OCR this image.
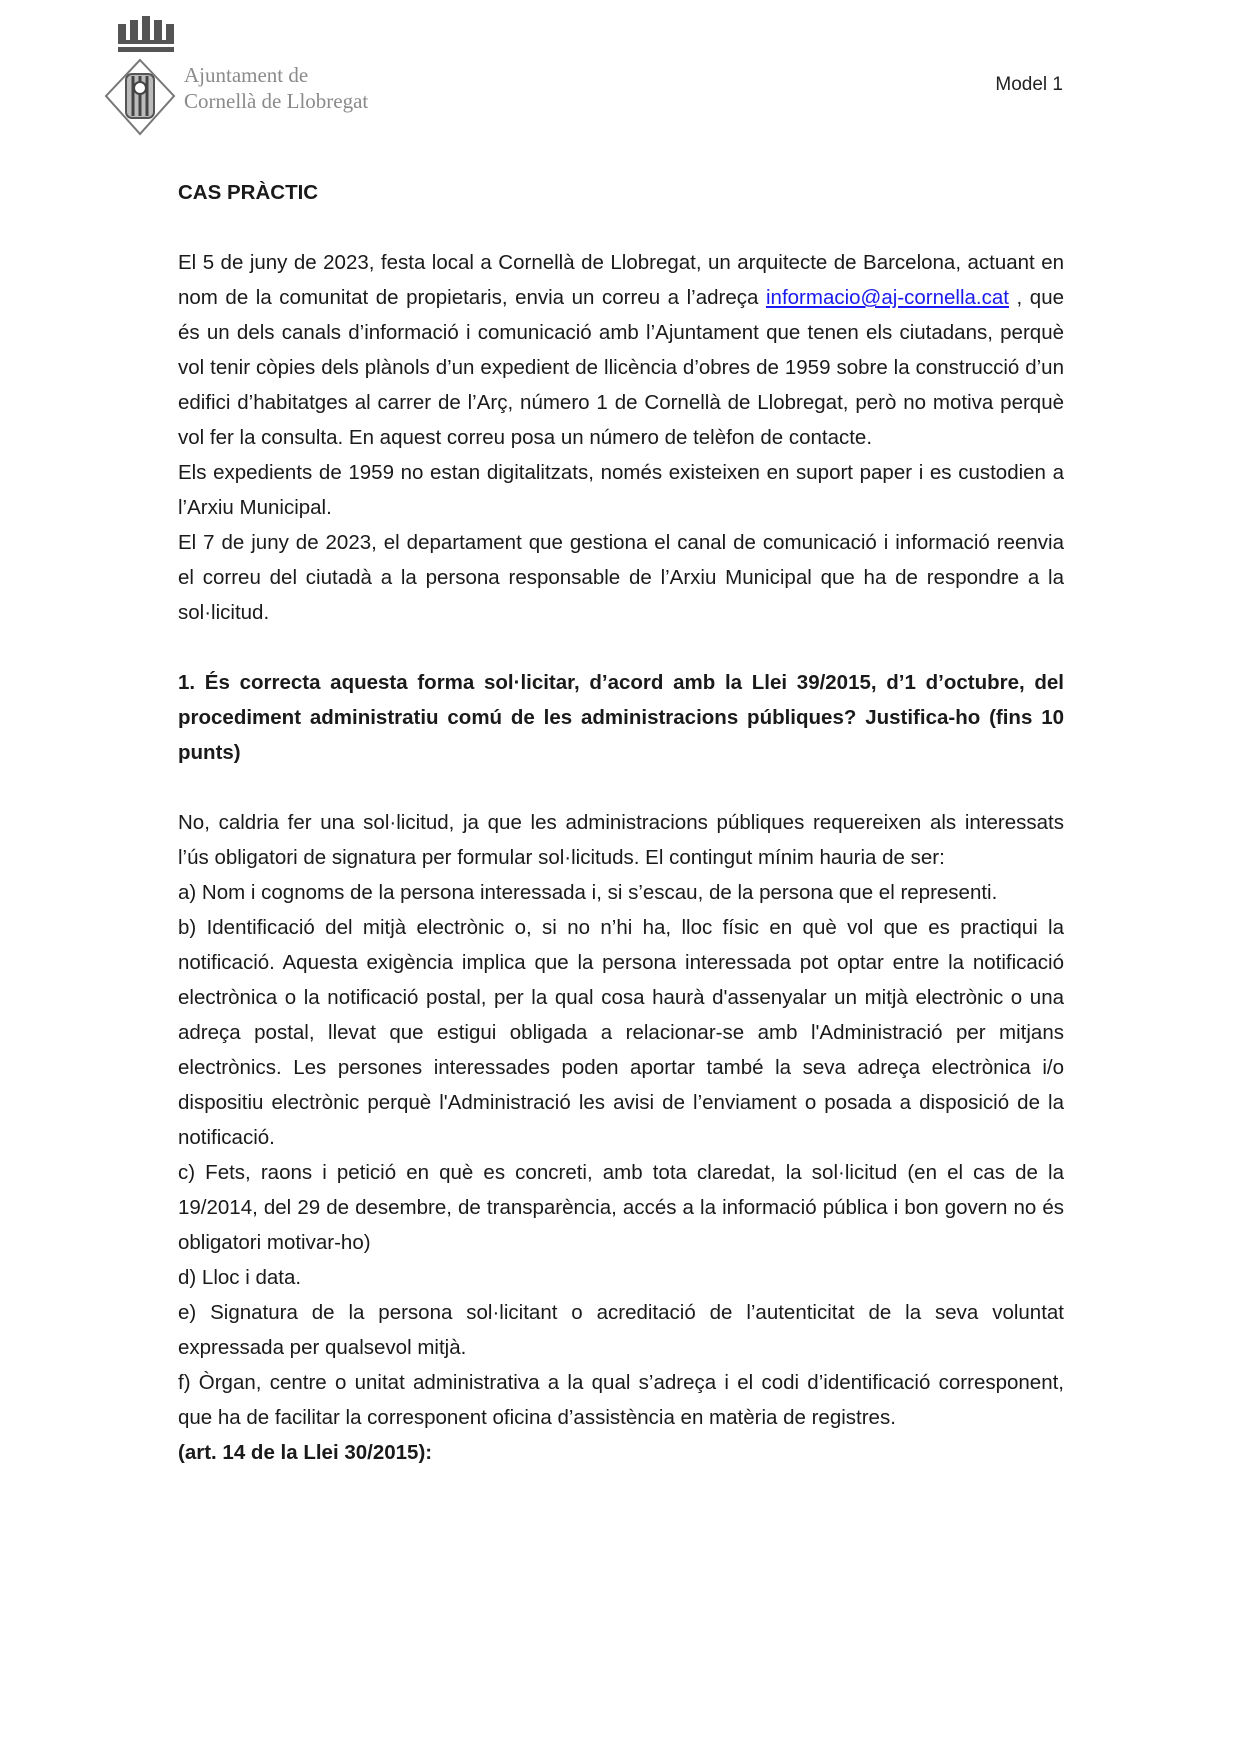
Ajuntament de
Cornellà de Llobregat
Model 1

CAS PRÀCTIC

El 5 de juny de 2023, festa local a Cornellà de Llobregat, un arquitecte de Barcelona, actuant en nom de la comunitat de propietaris, envia un correu a l’adreça informacio@aj-cornella.cat , que és un dels canals d’informació i comunicació amb l’Ajuntament que tenen els ciutadans, perquè vol tenir còpies dels plànols d’un expedient de llicència d’obres de 1959 sobre la construcció d’un edifici d’habitatges al carrer de l’Arç, número 1 de Cornellà de Llobregat, però no motiva perquè vol fer la consulta. En aquest correu posa un número de telèfon de contacte.

Els expedients de 1959 no estan digitalitzats, només existeixen en suport paper i es custodien a l’Arxiu Municipal.

El 7 de juny de 2023, el departament que gestiona el canal de comunicació i informació reenvia el correu del ciutadà a la persona responsable de l’Arxiu Municipal que ha de respondre a la sol·licitud.

1. És correcta aquesta forma sol·licitar, d’acord amb la Llei 39/2015, d’1 d’octubre, del procediment administratiu comú de les administracions públiques? Justifica-ho (fins 10 punts)

No, caldria fer una sol·licitud, ja que les administracions públiques requereixen als interessats l’ús obligatori de signatura per formular sol·licituds. El contingut mínim hauria de ser:

a) Nom i cognoms de la persona interessada i, si s’escau, de la persona que el representi.

b) Identificació del mitjà electrònic o, si no n’hi ha, lloc físic en què vol que es practiqui la notificació. Aquesta exigència implica que la persona interessada pot optar entre la notificació electrònica o la notificació postal, per la qual cosa haurà d'assenyalar un mitjà electrònic o una adreça postal, llevat que estigui obligada a relacionar-se amb l'Administració per mitjans electrònics. Les persones interessades poden aportar també la seva adreça electrònica i/o dispositiu electrònic perquè l'Administració les avisi de l’enviament o posada a disposició de la notificació.

c) Fets, raons i petició en què es concreti, amb tota claredat, la sol·licitud (en el cas de la 19/2014, del 29 de desembre, de transparència, accés a la informació pública i bon govern no és obligatori motivar-ho)

d) Lloc i data.

e) Signatura de la persona sol·licitant o acreditació de l’autenticitat de la seva voluntat expressada per qualsevol mitjà.

f) Òrgan, centre o unitat administrativa a la qual s’adreça i el codi d’identificació corresponent, que ha de facilitar la corresponent oficina d’assistència en matèria de registres.

(art. 14 de la Llei 30/2015):
